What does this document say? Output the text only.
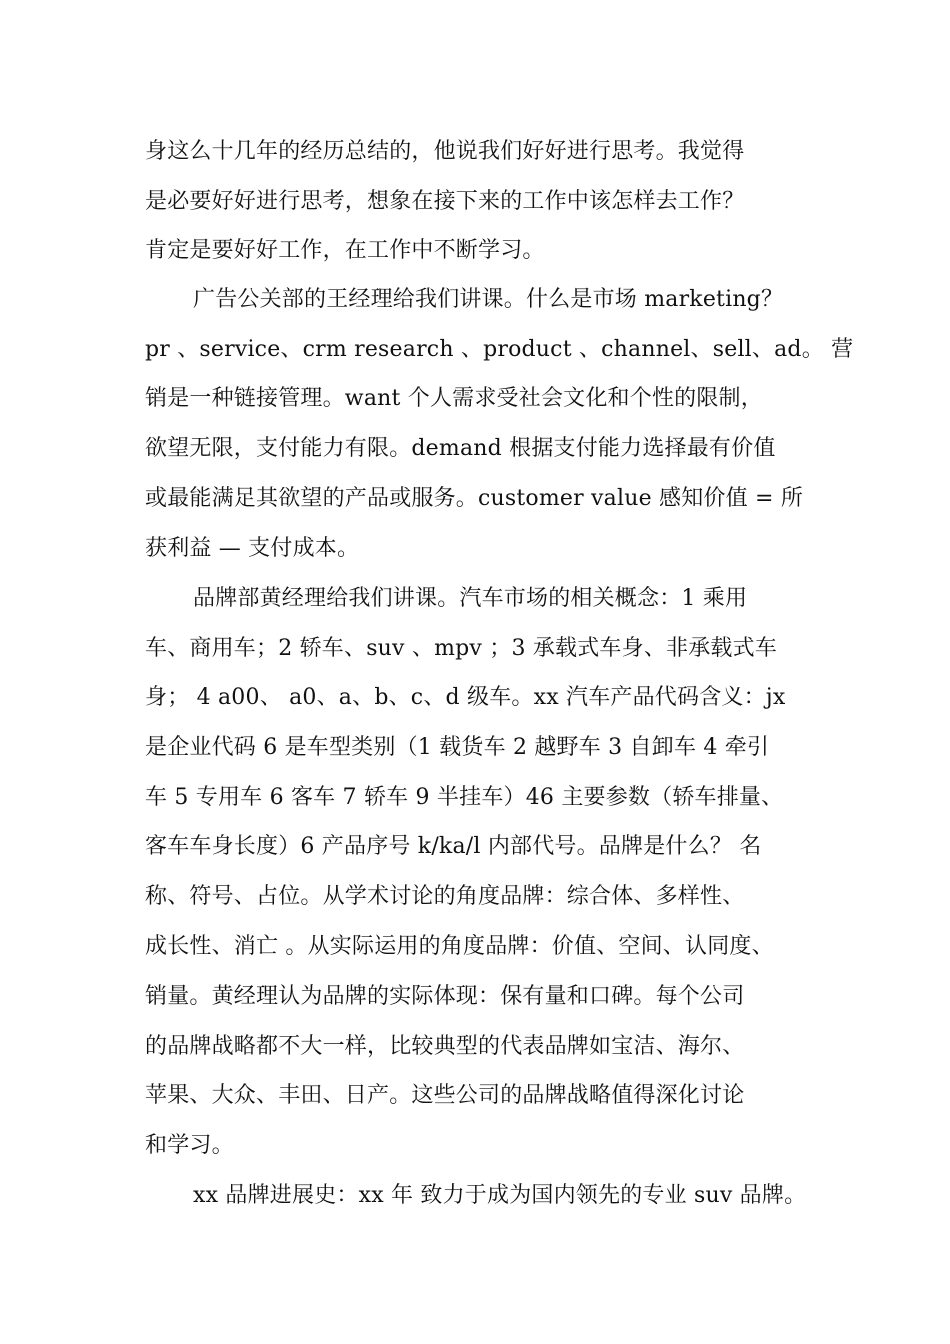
身这么十几年的经历总结的，他说我们好好进行思考。我觉得
是必要好好进行思考，想象在接下来的工作中该怎样去工作？
肯定是要好好工作，在工作中不断学习。
广告公关部的王经理给我们讲课。什么是市场 marketing？
pr 、service、crm research 、product 、channel、sell、ad。 营
销是一种链接管理。want 个人需求受社会文化和个性的限制，
欲望无限，支付能力有限。demand 根据支付能力选择最有价值
或最能满足其欲望的产品或服务。customer value 感知价值 = 所
获利益 — 支付成本。
品牌部黄经理给我们讲课。汽车市场的相关概念：1 乘用
车、商用车；2 轿车、suv 、mpv ；3 承载式车身、非承载式车
身； 4 a00、 a0、a、b、c、d 级车。xx 汽车产品代码含义：jx
是企业代码 6 是车型类别（1 载货车 2 越野车 3 自卸车 4 牵引
车 5 专用车 6 客车 7 轿车 9 半挂车）46 主要参数（轿车排量、
客车车身长度）6 产品序号 k/ka/l 内部代号。品牌是什么？ 名
称、符号、占位。从学术讨论的角度品牌：综合体、多样性、
成长性、消亡 。从实际运用的角度品牌：价值、空间、认同度、
销量。黄经理认为品牌的实际体现：保有量和口碑。每个公司
的品牌战略都不大一样，比较典型的代表品牌如宝洁、海尔、
苹果、大众、丰田、日产。这些公司的品牌战略值得深化讨论
和学习。
xx 品牌进展史：xx 年 致力于成为国内领先的专业 suv 品牌。
